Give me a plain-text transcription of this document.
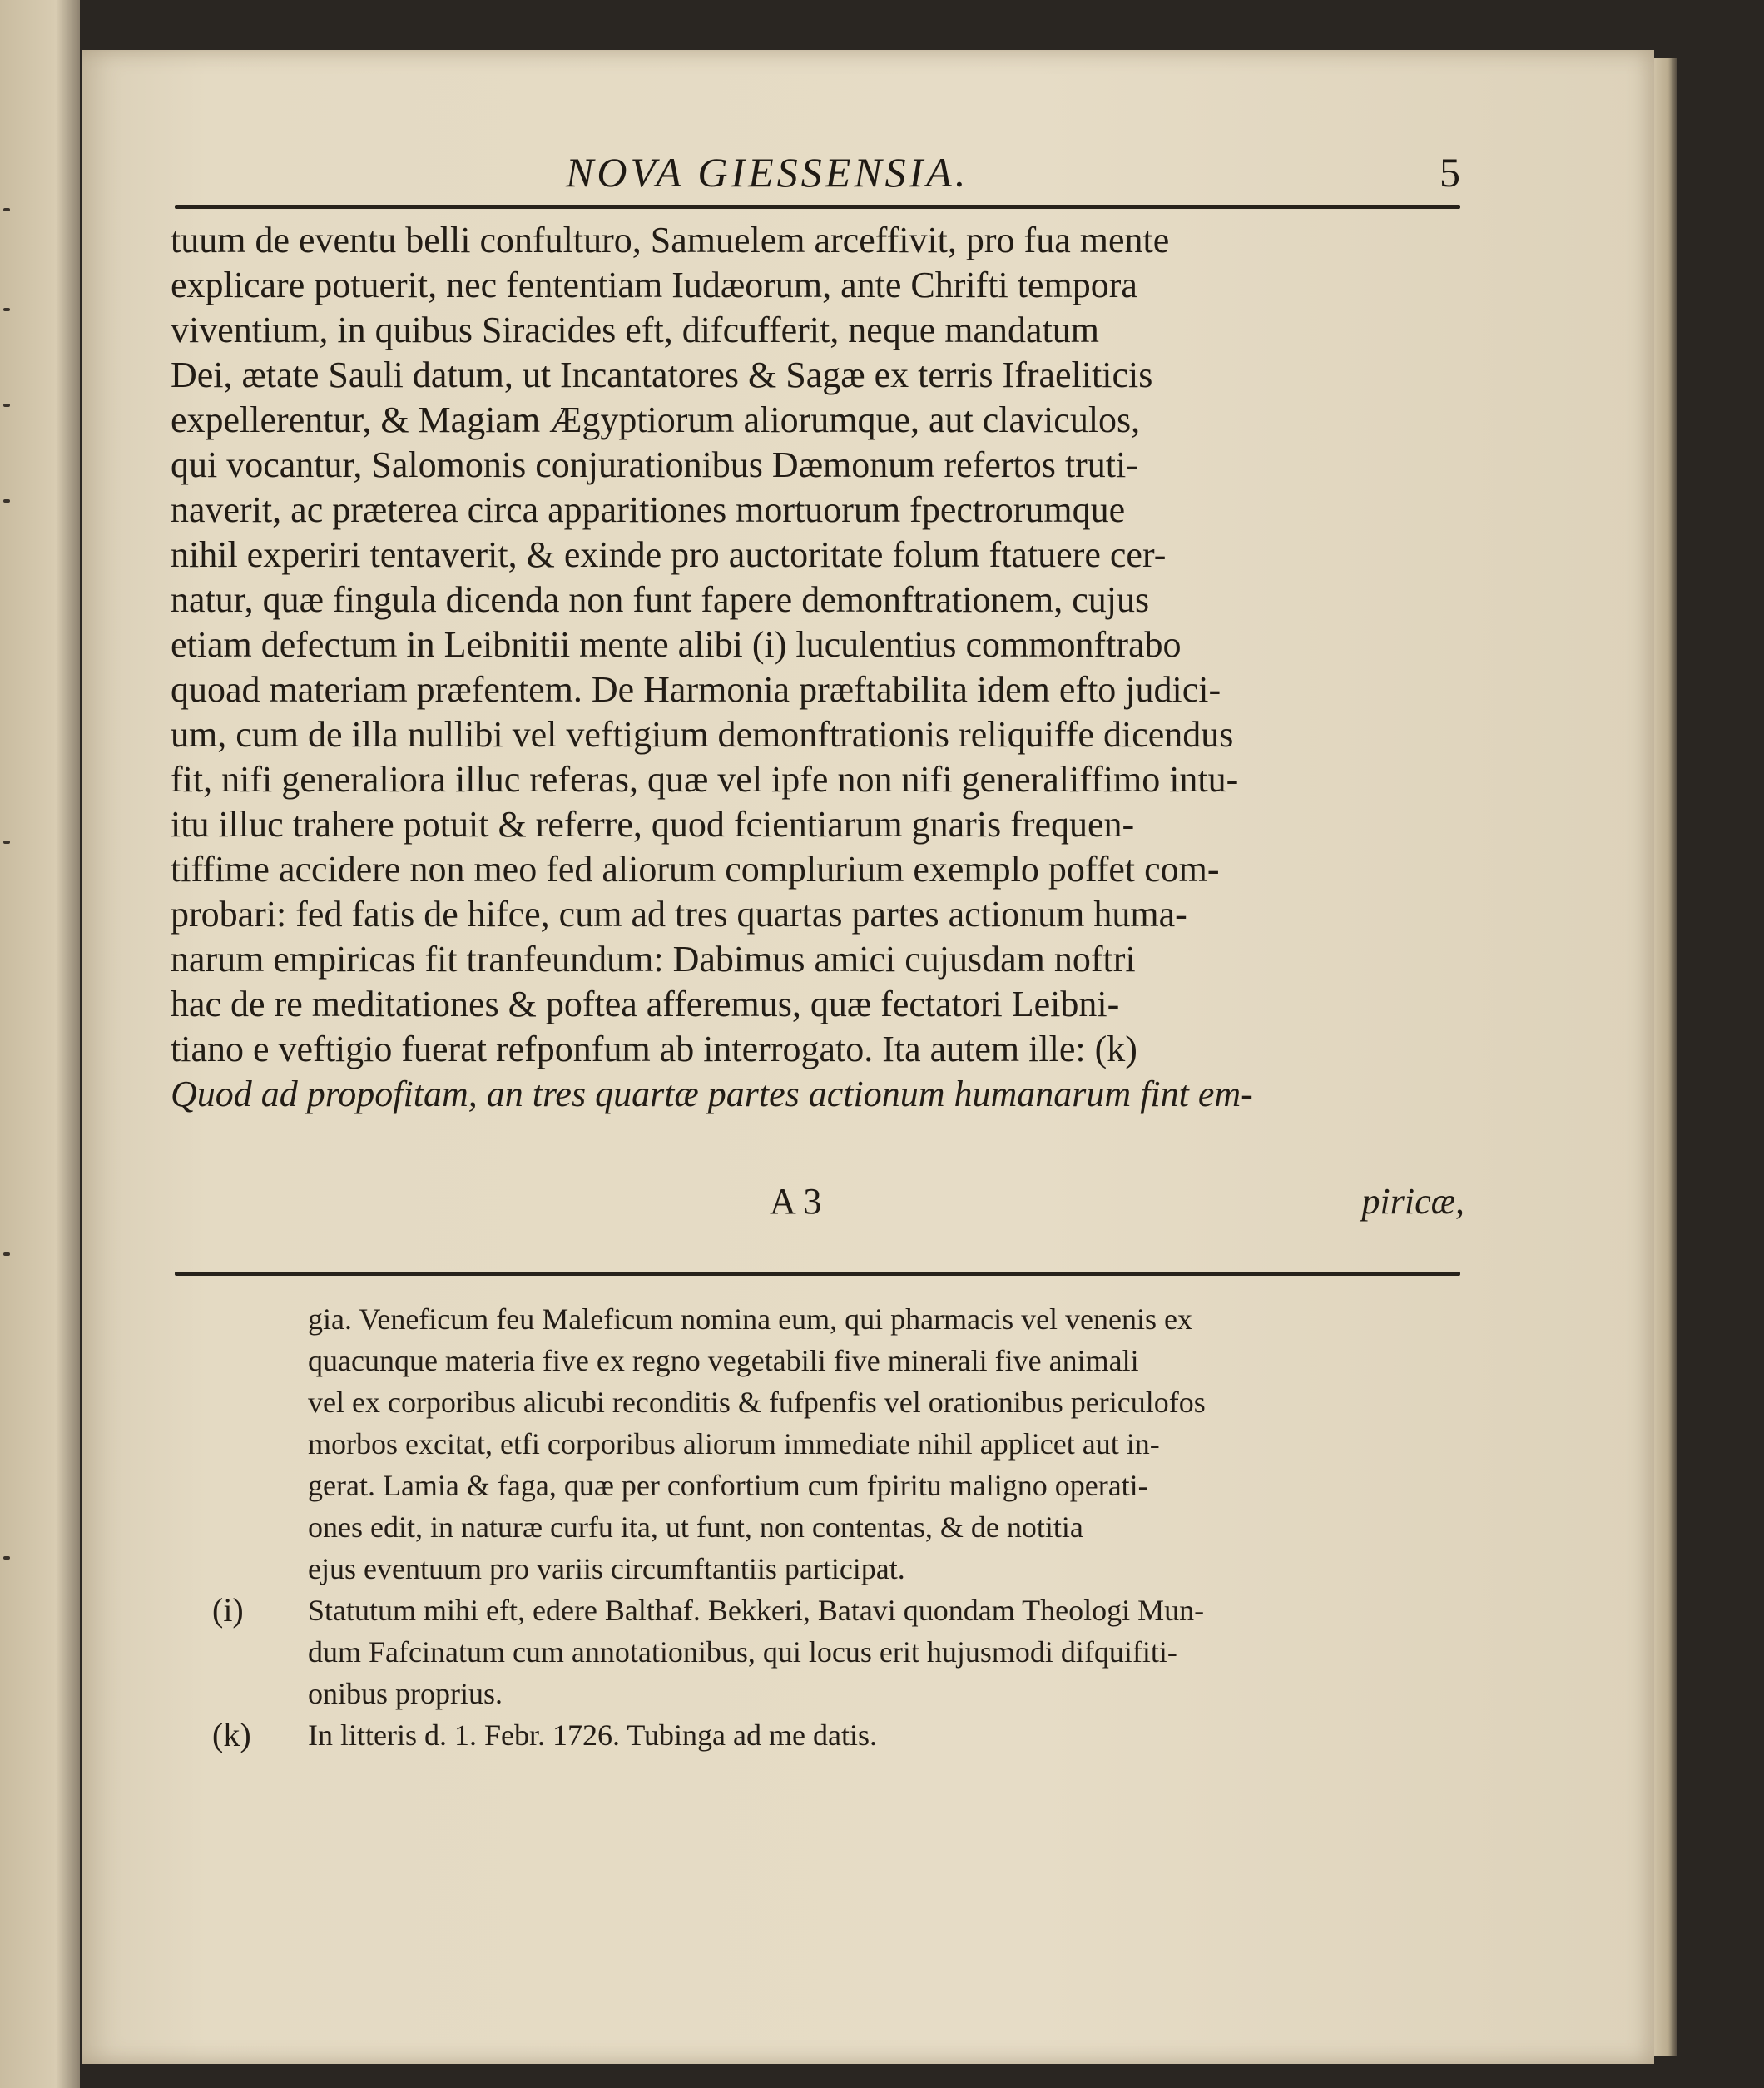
NOVA GIESSENSIA.	5
tuum de eventu belli confulturo, Samuelem arceffivit, pro fua mente
explicare potuerit, nec fententiam Iudæorum, ante Chrifti tempora
viventium, in quibus Siracides eft, difcufferit, neque mandatum
Dei, ætate Sauli datum, ut Incantatores & Sagæ ex terris Ifraeliticis
expellerentur, & Magiam Ægyptiorum aliorumque, aut claviculos,
qui vocantur, Salomonis conjurationibus Dæmonum refertos truti-
naverit, ac præterea circa apparitiones mortuorum fpectrorumque
nihil experiri tentaverit, & exinde pro auctoritate folum ftatuere cer-
natur, quæ fingula dicenda non funt fapere demonftrationem, cujus
etiam defectum in Leibnitii mente alibi (i) luculentius commonftrabo
quoad materiam præfentem. De Harmonia præftabilita idem efto judici-
um, cum de illa nullibi vel veftigium demonftrationis reliquiffe dicendus
fit, nifi generaliora illuc referas, quæ vel ipfe non nifi generaliffimo intu-
itu illuc trahere potuit & referre, quod fcientiarum gnaris frequen-
tiffime accidere non meo fed aliorum complurium exemplo poffet com-
probari: fed fatis de hifce, cum ad tres quartas partes actionum huma-
narum empiricas fit tranfeundum: Dabimus amici cujusdam noftri
hac de re meditationes & poftea afferemus, quæ fectatori Leibni-
tiano e veftigio fuerat refponfum ab interrogato. Ita autem ille: (k)
Quod ad propofitam, an tres quartæ partes actionum humanarum fint em-
A 3	piricæ,
gia. Veneficum feu Maleficum nomina eum, qui pharmacis vel venenis ex
quacunque materia five ex regno vegetabili five minerali five animali
vel ex corporibus alicubi reconditis & fufpenfis vel orationibus periculofos
morbos excitat, etfi corporibus aliorum immediate nihil applicet aut in-
gerat. Lamia & faga, quæ per confortium cum fpiritu maligno operati-
ones edit, in naturæ curfu ita, ut funt, non contentas, & de notitia
ejus eventuum pro variis circumftantiis participat.
(i) Statutum mihi eft, edere Balthaf. Bekkeri, Batavi quondam Theologi Mun-
dum Fafcinatum cum annotationibus, qui locus erit hujusmodi difquifiti-
onibus proprius.
(k) In litteris d. 1. Febr. 1726. Tubinga ad me datis.
